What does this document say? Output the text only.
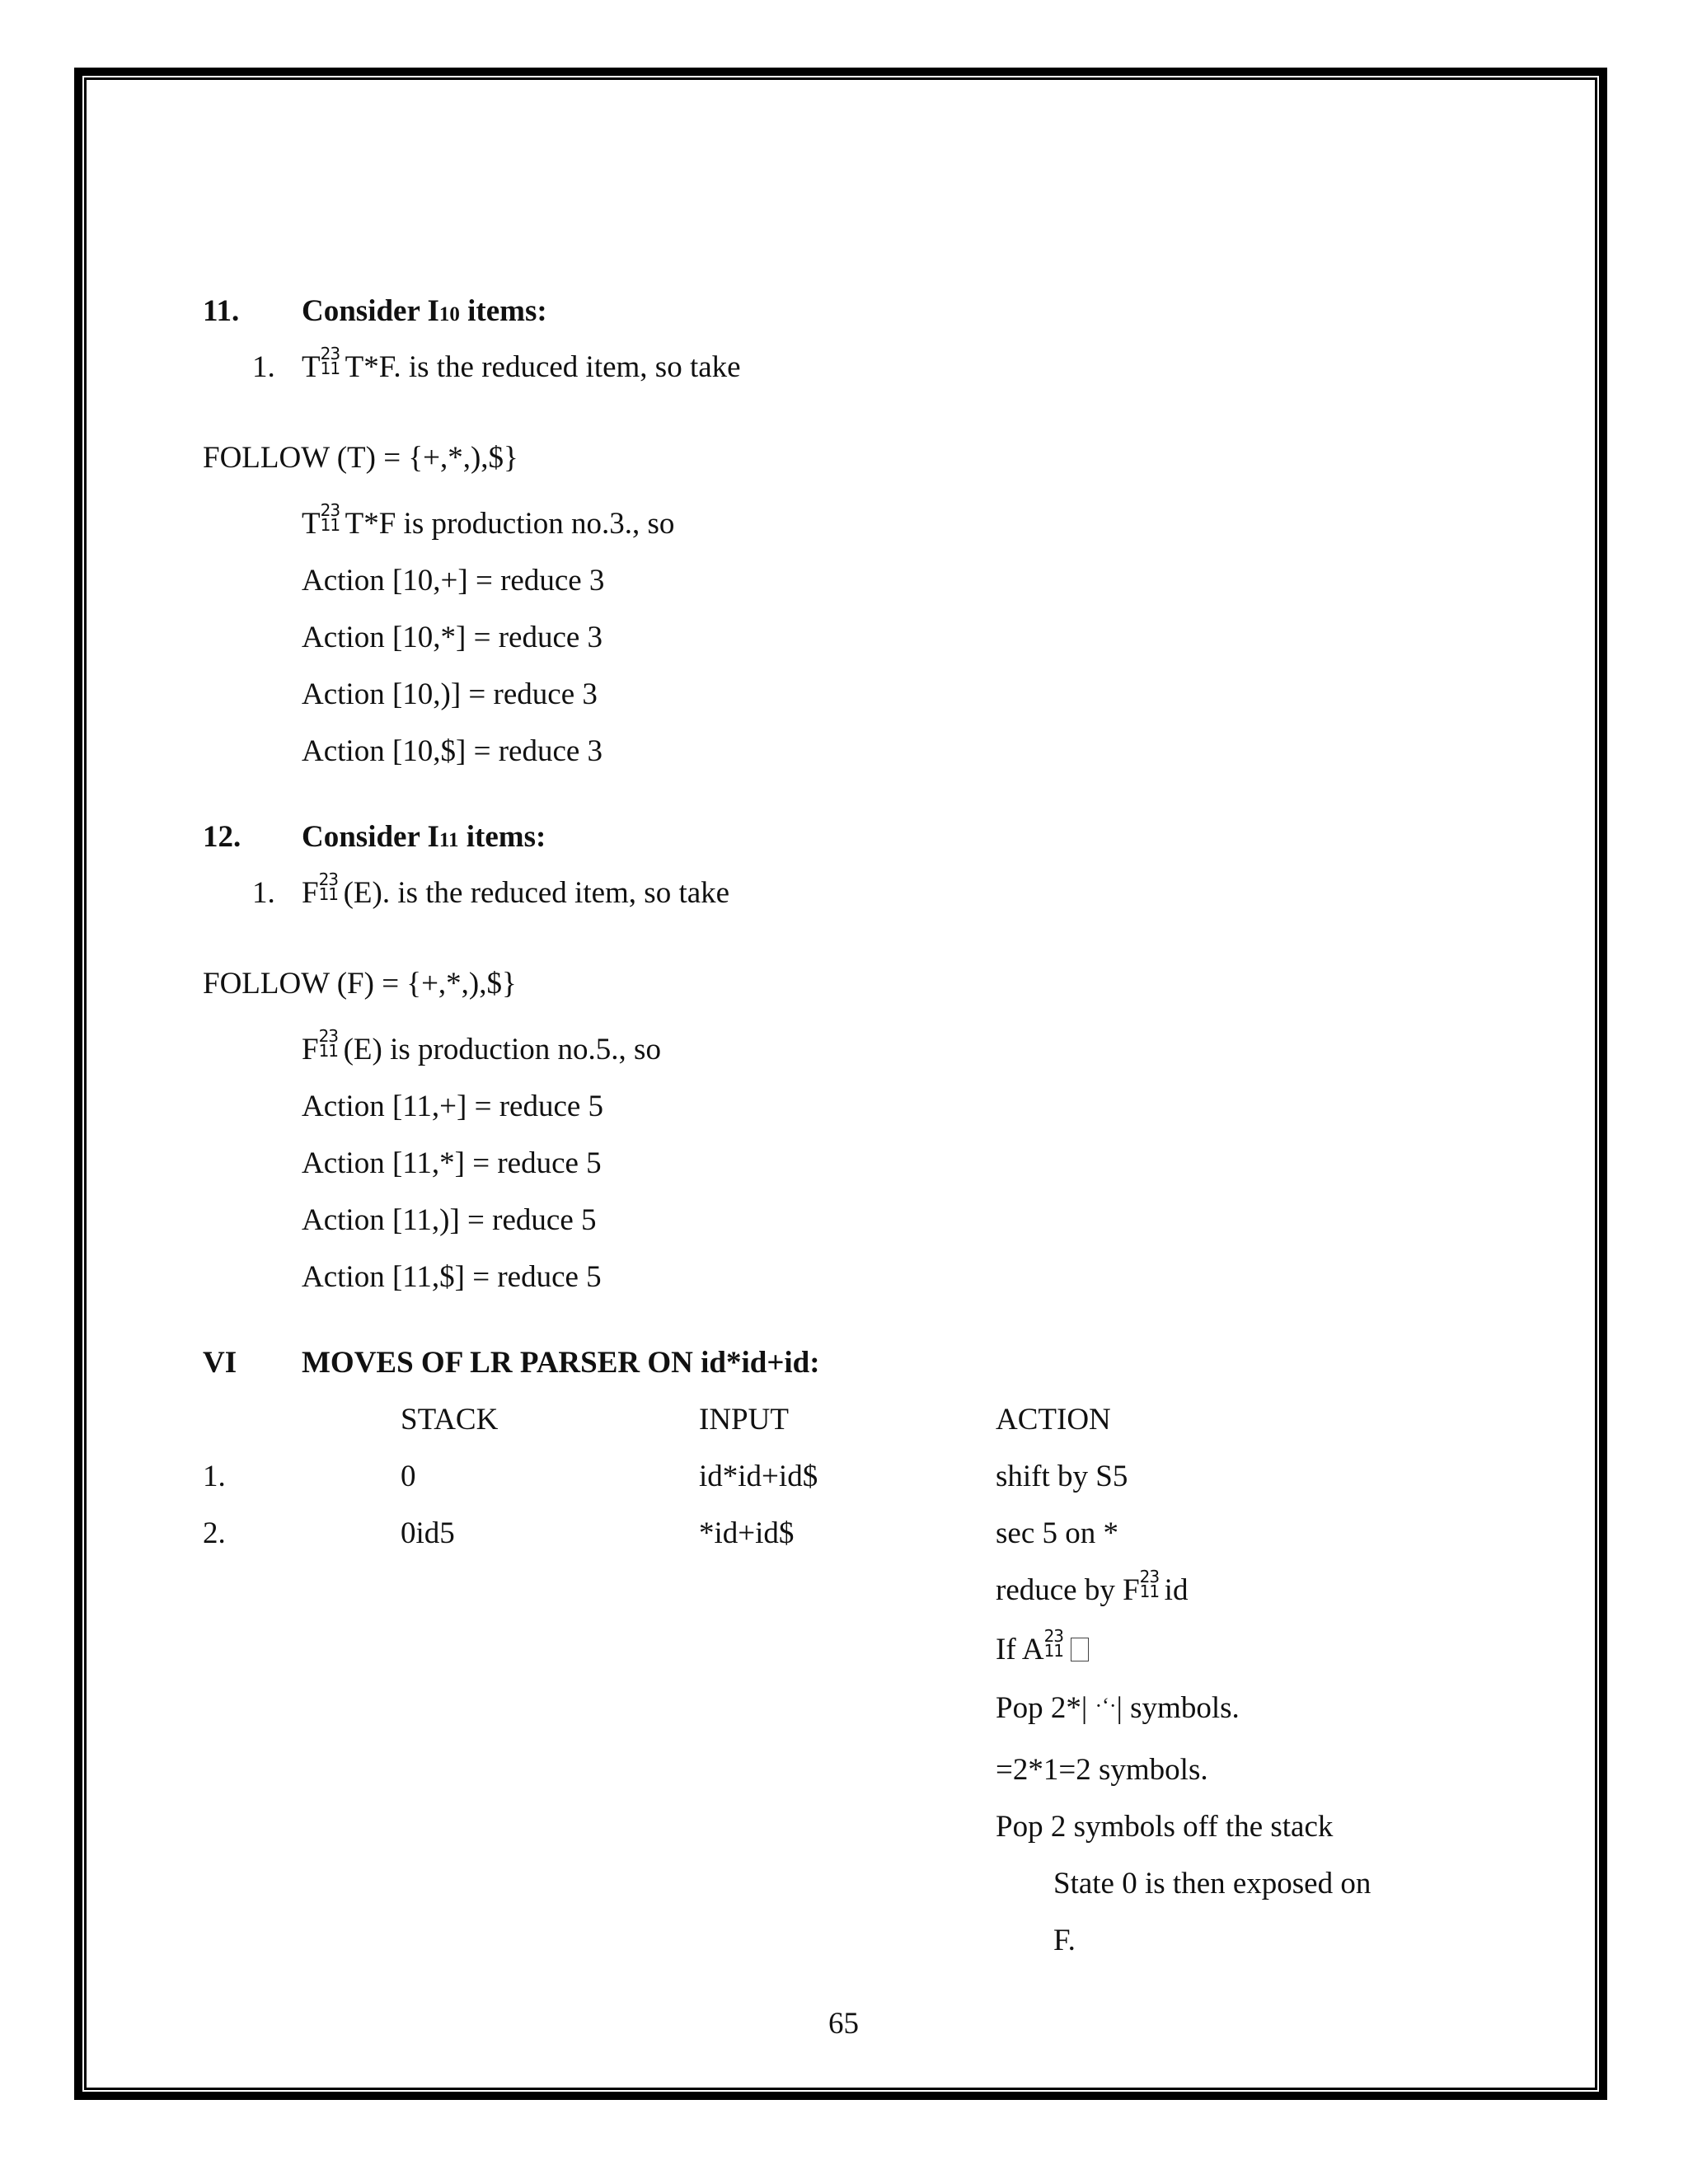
11. Consider I10 items:
1. T 23
11 T*F. is the reduced item, so take
FOLLOW (T) = {+,*,),$}
T 23
11 T*F is production no.3., so
Action [10,+] = reduce 3
Action [10,*] = reduce 3
Action [10,)] = reduce 3
Action [10,$] = reduce 3
12. Consider I11 items:
1. F 23
11 (E). is the reduced item, so take
FOLLOW (F) = {+,*,),$}
F 23
11 (E) is production no.5., so
Action [11,+] = reduce 5
Action [11,*] = reduce 5
Action [11,)] = reduce 5
Action [11,$] = reduce 5
VI MOVES OF LR PARSER ON id*id+id:
STACK	INPUT	ACTION
1.	0	id*id+id$	shift by S5
2.	0id5	*id+id$	sec 5 on *
reduce by F 23
11 id
If A 23
11
Pop 2*| ·ʻ·| symbols.
=2*1=2 symbols.
Pop 2 symbols off the stack
State 0 is then exposed on
F.
65
